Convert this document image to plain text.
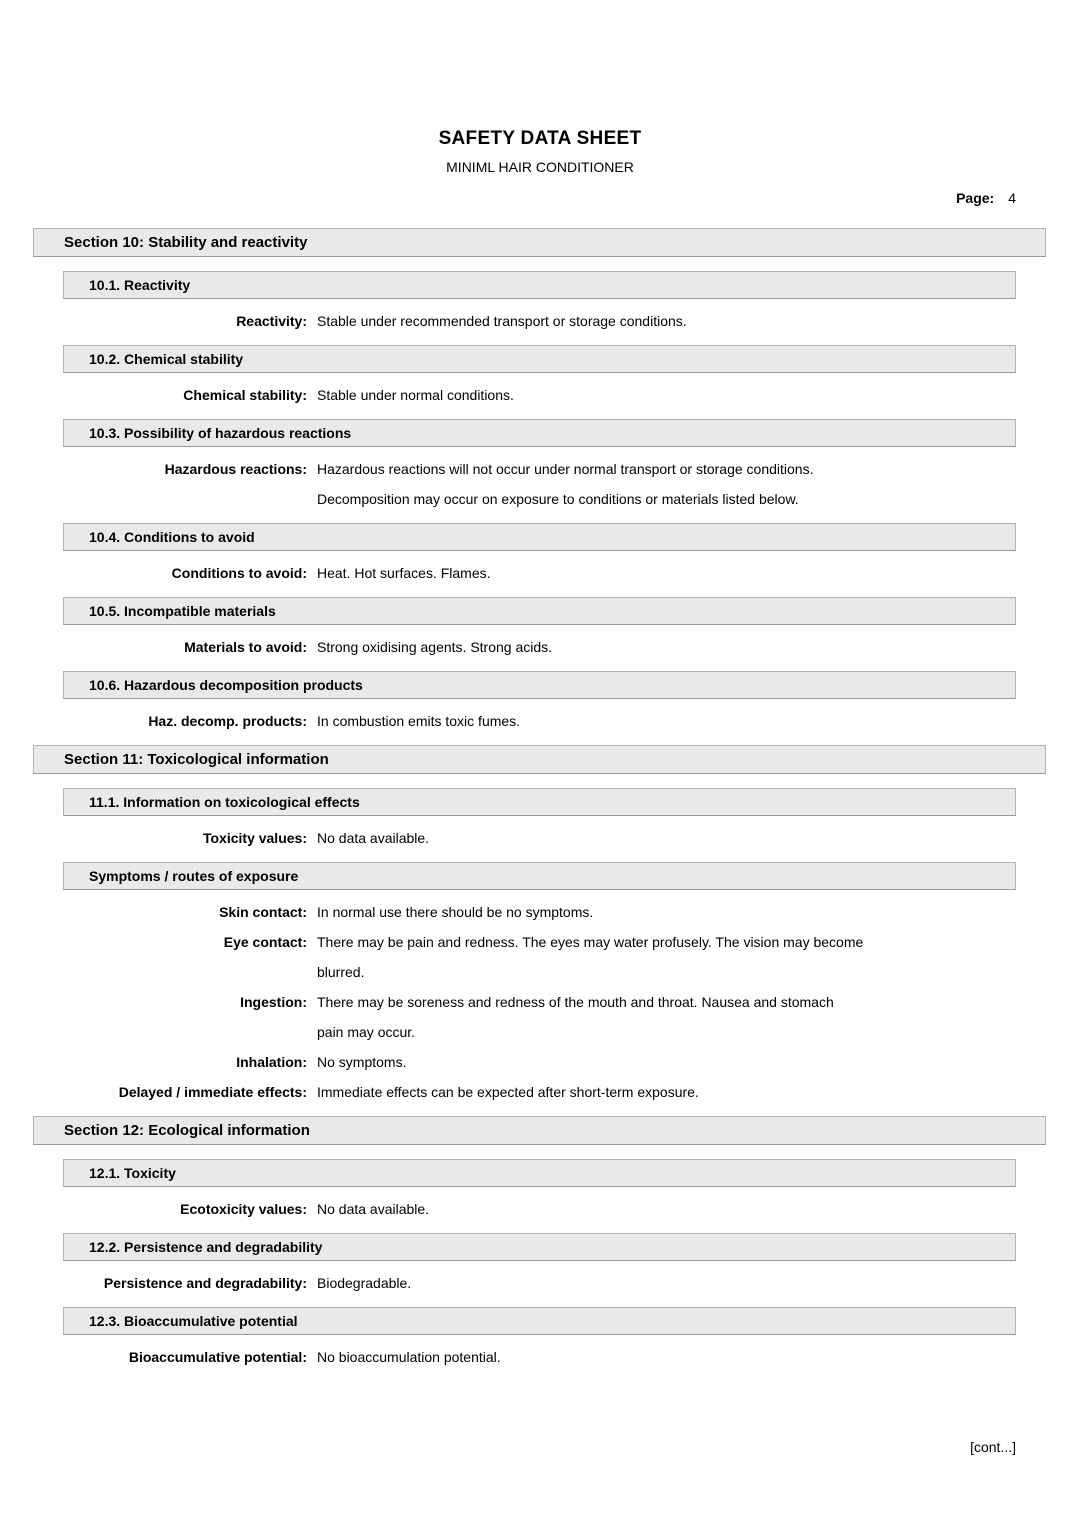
SAFETY DATA SHEET
MINIML HAIR CONDITIONER
Page: 4
Section 10: Stability and reactivity
10.1. Reactivity
Reactivity: Stable under recommended transport or storage conditions.
10.2. Chemical stability
Chemical stability: Stable under normal conditions.
10.3. Possibility of hazardous reactions
Hazardous reactions: Hazardous reactions will not occur under normal transport or storage conditions.
Decomposition may occur on exposure to conditions or materials listed below.
10.4. Conditions to avoid
Conditions to avoid: Heat. Hot surfaces. Flames.
10.5. Incompatible materials
Materials to avoid: Strong oxidising agents. Strong acids.
10.6. Hazardous decomposition products
Haz. decomp. products: In combustion emits toxic fumes.
Section 11: Toxicological information
11.1. Information on toxicological effects
Toxicity values: No data available.
Symptoms / routes of exposure
Skin contact: In normal use there should be no symptoms.
Eye contact: There may be pain and redness. The eyes may water profusely. The vision may become
blurred.
Ingestion: There may be soreness and redness of the mouth and throat. Nausea and stomach
pain may occur.
Inhalation: No symptoms.
Delayed / immediate effects: Immediate effects can be expected after short-term exposure.
Section 12: Ecological information
12.1. Toxicity
Ecotoxicity values: No data available.
12.2. Persistence and degradability
Persistence and degradability: Biodegradable.
12.3. Bioaccumulative potential
Bioaccumulative potential: No bioaccumulation potential.
[cont...]
